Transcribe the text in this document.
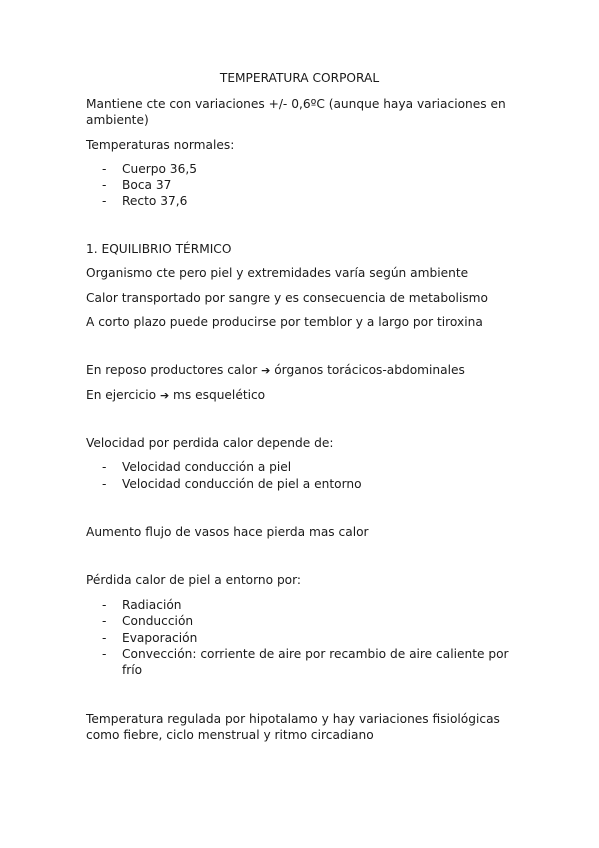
TEMPERATURA CORPORAL
Mantiene cte con variaciones +/- 0,6ºC (aunque haya variaciones en
ambiente)
Temperaturas normales:
- Cuerpo 36,5
- Boca 37
- Recto 37,6
1. EQUILIBRIO TÉRMICO
Organismo cte pero piel y extremidades varía según ambiente
Calor transportado por sangre y es consecuencia de metabolismo
A corto plazo puede producirse por temblor y a largo por tiroxina
En reposo productores calor ➔ órganos torácicos-abdominales
En ejercicio ➔ ms esquelético
Velocidad por perdida calor depende de:
- Velocidad conducción a piel
- Velocidad conducción de piel a entorno
Aumento flujo de vasos hace pierda mas calor
Pérdida calor de piel a entorno por:
- Radiación
- Conducción
- Evaporación
- Convección: corriente de aire por recambio de aire caliente por
frío
Temperatura regulada por hipotalamo y hay variaciones fisiológicas
como fiebre, ciclo menstrual y ritmo circadiano
